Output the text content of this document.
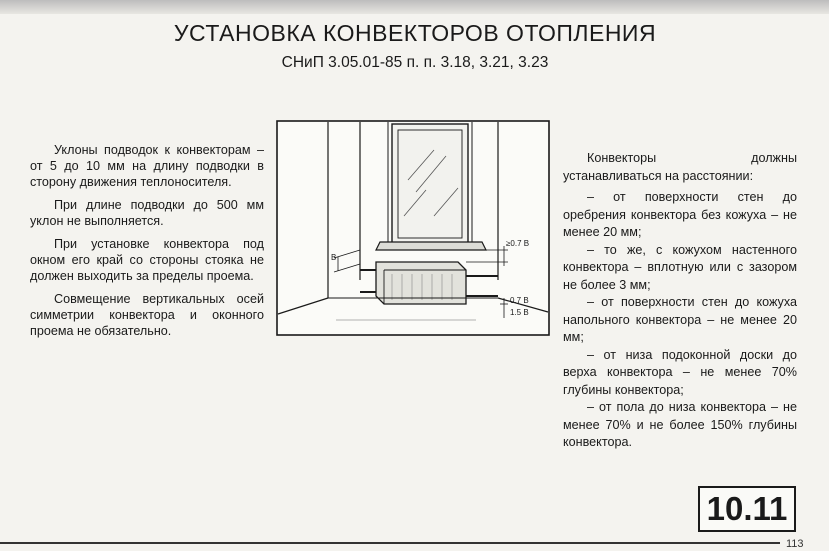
УСТАНОВКА КОНВЕКТОРОВ ОТОПЛЕНИЯ
СНиП 3.05.01-85 п. п. 3.18, 3.21, 3.23

Уклоны подводок к конвекторам – от 5 до 10 мм на длину подводки в сторону движения теплоносителя.

При длине подводки до 500 мм уклон не выполняется.

При установке конвектора под окном его край со стороны стояка не должен выходить за пределы проема.

Совмещение вертикальных осей симметрии конвектора и оконного проема не обязательно.

В
≥0.7 В
0.7 В
1.5 В

Конвекторы должны устанавливаться на расстоянии:

– от поверхности стен до оребрения конвектора без кожуха – не менее 20 мм;

– то же, с кожухом настенного конвектора – вплотную или с зазором не более 3 мм;

– от поверхности стен до кожуха напольного конвектора – не менее 20 мм;

– от низа подоконной доски до верха конвектора – не менее 70% глубины конвектора;

– от пола до низа конвектора – не менее 70% и не более 150% глубины конвектора.

10.11
113
